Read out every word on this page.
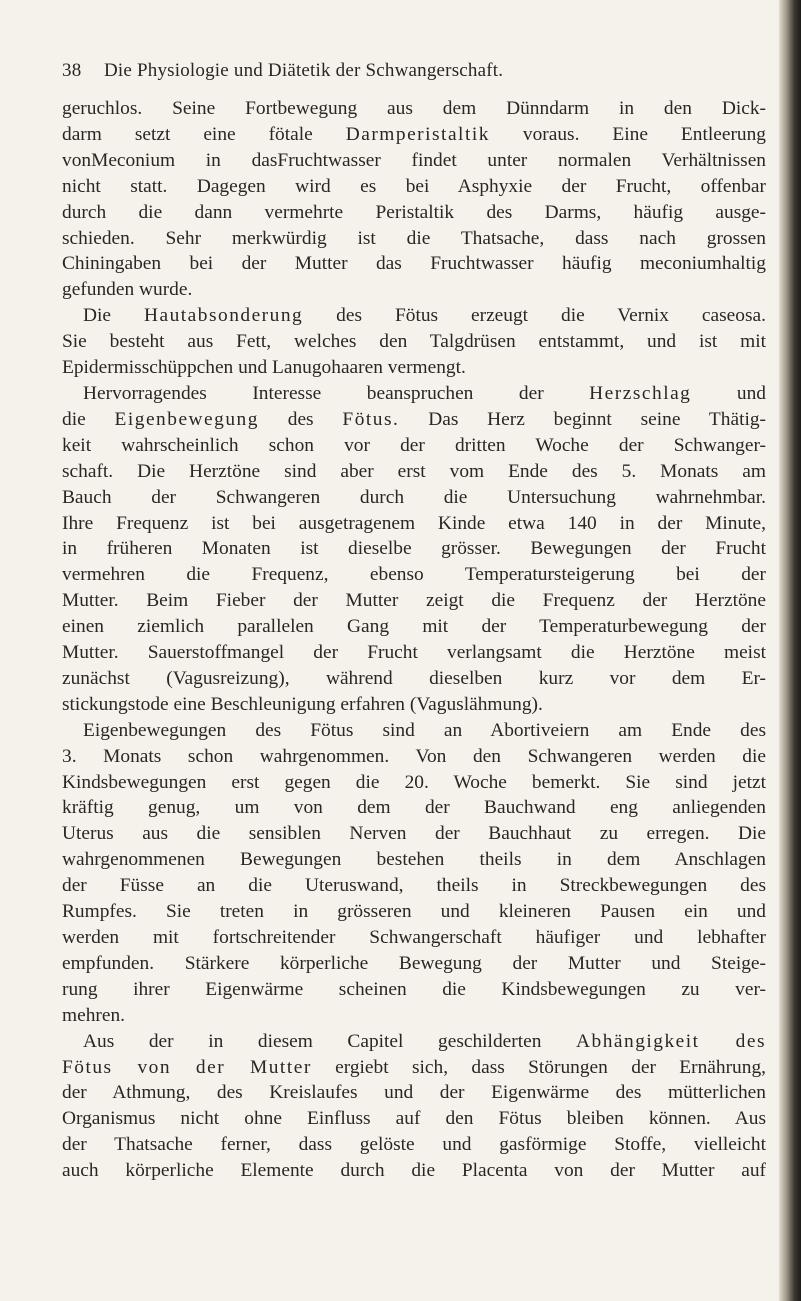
38 Die Physiologie und Diätetik der Schwangerschaft.
geruchlos. Seine Fortbewegung aus dem Dünndarm in den Dick-
darm setzt eine fötale Darmperistaltik voraus. Eine Entleerung
vonMeconium in dasFruchtwasser findet unter normalen Verhältnissen
nicht statt. Dagegen wird es bei Asphyxie der Frucht, offenbar
durch die dann vermehrte Peristaltik des Darms, häufig ausge-
schieden. Sehr merkwürdig ist die Thatsache, dass nach grossen
Chiningaben bei der Mutter das Fruchtwasser häufig meconiumhaltig
gefunden wurde.
Die Hautabsonderung des Fötus erzeugt die Vernix caseosa.
Sie besteht aus Fett, welches den Talgdrüsen entstammt, und ist mit
Epidermisschüppchen und Lanugohaaren vermengt.
Hervorragendes Interesse beanspruchen der Herzschlag und
die Eigenbewegung des Fötus. Das Herz beginnt seine Thätig-
keit wahrscheinlich schon vor der dritten Woche der Schwanger-
schaft. Die Herztöne sind aber erst vom Ende des 5. Monats am
Bauch der Schwangeren durch die Untersuchung wahrnehmbar.
Ihre Frequenz ist bei ausgetragenem Kinde etwa 140 in der Minute,
in früheren Monaten ist dieselbe grösser. Bewegungen der Frucht
vermehren die Frequenz, ebenso Temperatursteigerung bei der
Mutter. Beim Fieber der Mutter zeigt die Frequenz der Herztöne
einen ziemlich parallelen Gang mit der Temperaturbewegung der
Mutter. Sauerstoffmangel der Frucht verlangsamt die Herztöne meist
zunächst (Vagusreizung), während dieselben kurz vor dem Er-
stickungstode eine Beschleunigung erfahren (Vaguslähmung).
Eigenbewegungen des Fötus sind an Abortiveiern am Ende des
3. Monats schon wahrgenommen. Von den Schwangeren werden die
Kindsbewegungen erst gegen die 20. Woche bemerkt. Sie sind jetzt
kräftig genug, um von dem der Bauchwand eng anliegenden
Uterus aus die sensiblen Nerven der Bauchhaut zu erregen. Die
wahrgenommenen Bewegungen bestehen theils in dem Anschlagen
der Füsse an die Uteruswand, theils in Streckbewegungen des
Rumpfes. Sie treten in grösseren und kleineren Pausen ein und
werden mit fortschreitender Schwangerschaft häufiger und lebhafter
empfunden. Stärkere körperliche Bewegung der Mutter und Steige-
rung ihrer Eigenwärme scheinen die Kindsbewegungen zu ver-
mehren.
Aus der in diesem Capitel geschilderten Abhängigkeit des
Fötus von der Mutter ergiebt sich, dass Störungen der Ernährung,
der Athmung, des Kreislaufes und der Eigenwärme des mütterlichen
Organismus nicht ohne Einfluss auf den Fötus bleiben können. Aus
der Thatsache ferner, dass gelöste und gasförmige Stoffe, vielleicht
auch körperliche Elemente durch die Placenta von der Mutter auf
